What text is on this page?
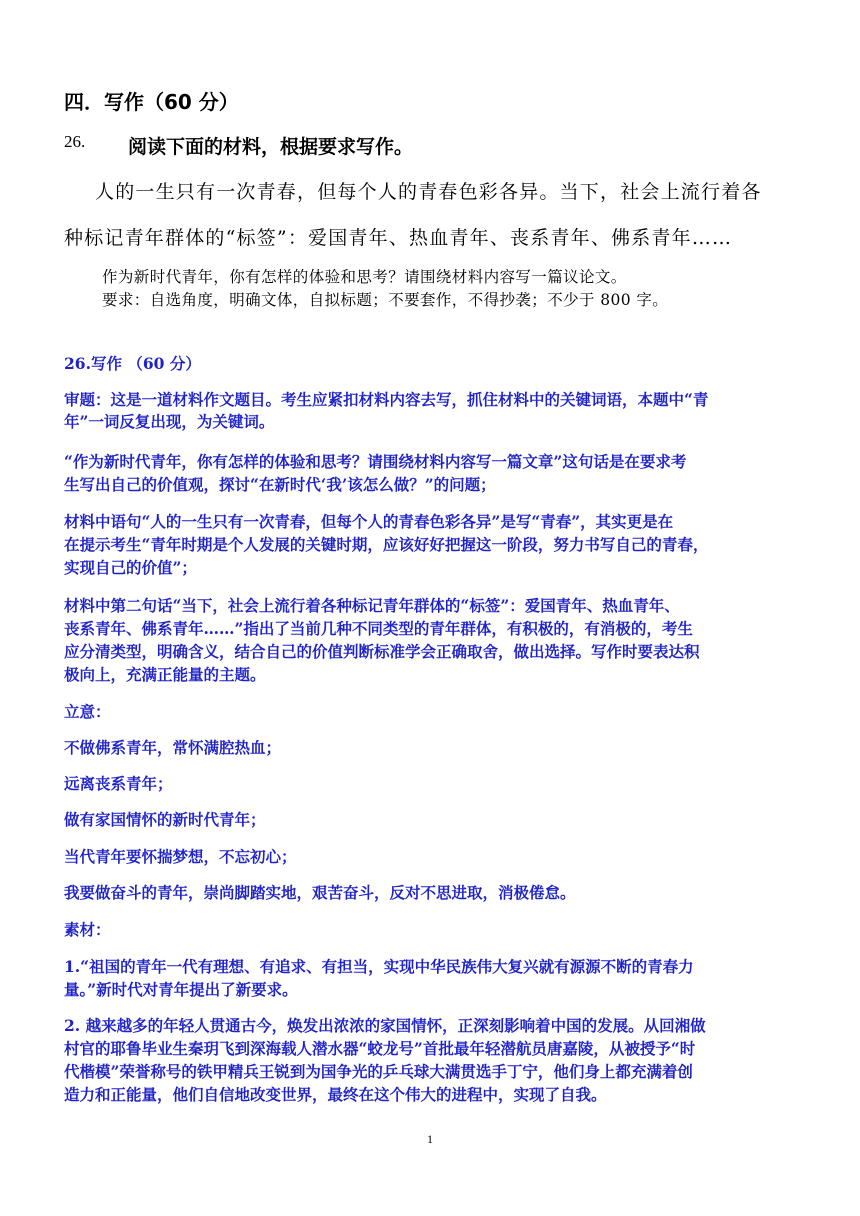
四．写作（60 分）
26. 阅读下面的材料，根据要求写作。
人的一生只有一次青春，但每个人的青春色彩各异。当下，社会上流行着各
种标记青年群体的“标签”：爱国青年、热血青年、丧系青年、佛系青年……
作为新时代青年，你有怎样的体验和思考？请围绕材料内容写一篇议论文。
要求：自选角度，明确文体，自拟标题；不要套作，不得抄袭；不少于 800 字。
26.写作 （60 分）
审题：这是一道材料作文题目。考生应紧扣材料内容去写，抓住材料中的关键词语，本题中“青
年”一词反复出现，为关键词。
“作为新时代青年，你有怎样的体验和思考？请围绕材料内容写一篇文章”这句话是在要求考
生写出自己的价值观，探讨“在新时代‘我’该怎么做？”的问题；
材料中语句“人的一生只有一次青春，但每个人的青春色彩各异”是写“青春”，其实更是在
在提示考生“青年时期是个人发展的关键时期，应该好好把握这一阶段，努力书写自己的青春，
实现自己的价值”；
材料中第二句话“当下，社会上流行着各种标记青年群体的“标签”：爱国青年、热血青年、
丧系青年、佛系青年……”指出了当前几种不同类型的青年群体，有积极的，有消极的，考生
应分清类型，明确含义，结合自己的价值判断标准学会正确取舍，做出选择。写作时要表达积
极向上，充满正能量的主题。
立意：
不做佛系青年，常怀满腔热血；
远离丧系青年；
做有家国情怀的新时代青年；
当代青年要怀揣梦想，不忘初心；
我要做奋斗的青年，崇尚脚踏实地，艰苦奋斗，反对不思进取，消极倦怠。
素材：
1.“祖国的青年一代有理想、有追求、有担当，实现中华民族伟大复兴就有源源不断的青春力
量。”新时代对青年提出了新要求。
2. 越来越多的年轻人贯通古今，焕发出浓浓的家国情怀，正深刻影响着中国的发展。从回湘做
村官的耶鲁毕业生秦玥飞到深海载人潜水器“蛟龙号”首批最年轻潜航员唐嘉陵，从被授予“时
代楷模”荣誉称号的铁甲精兵王锐到为国争光的乒乓球大满贯选手丁宁，他们身上都充满着创
造力和正能量，他们自信地改变世界，最终在这个伟大的进程中，实现了自我。
1
